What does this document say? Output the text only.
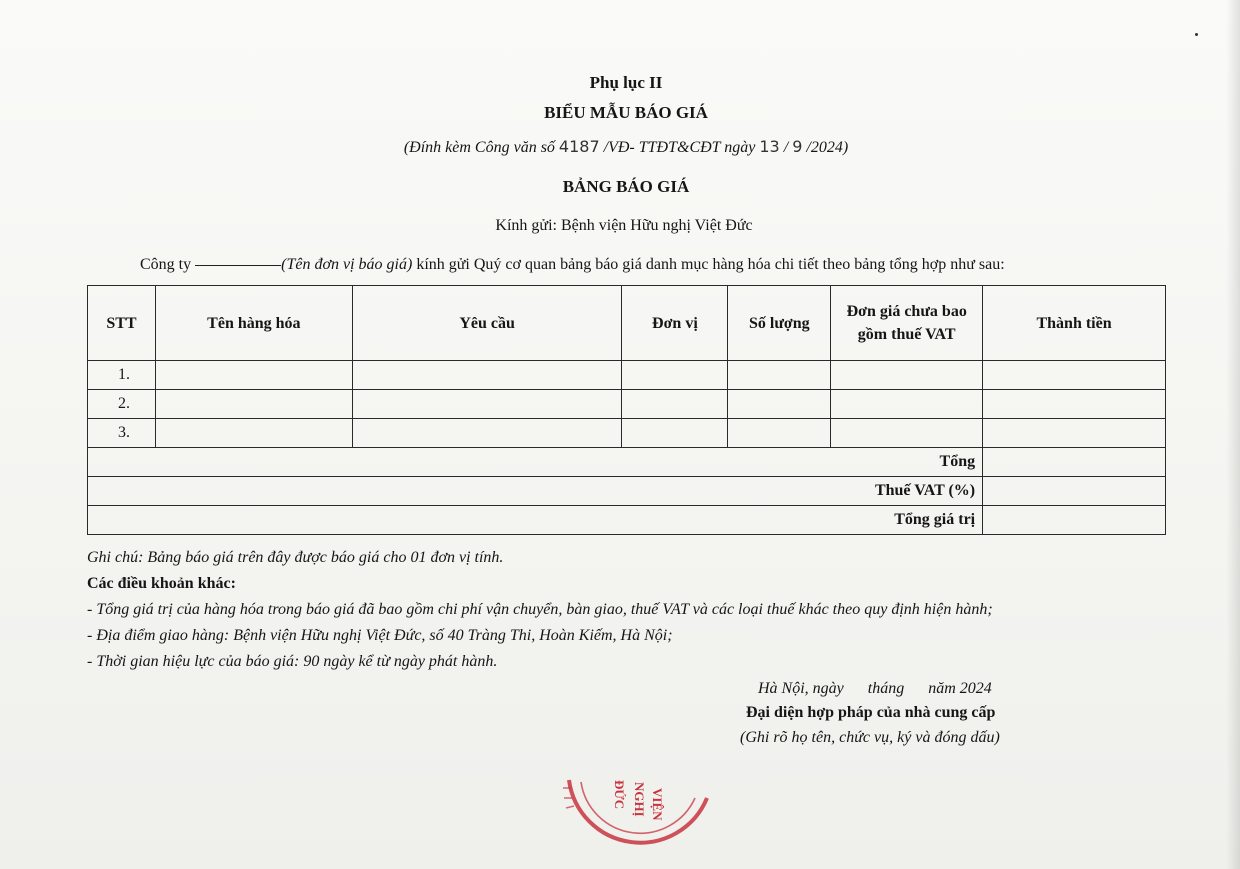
Phụ lục II
BIỂU MẪU BÁO GIÁ
(Đính kèm Công văn số 4187 /VĐ- TTĐT&CĐT ngày 13 / 9 /2024)
BẢNG BÁO GIÁ
Kính gửi: Bệnh viện Hữu nghị Việt Đức
Công ty	(Tên đơn vị báo giá) kính gửi Quý cơ quan bảng báo giá danh mục hàng hóa chi tiết theo bảng tổng hợp như sau:
STT	Tên hàng hóa	Yêu cầu	Đơn vị	Số lượng	Đơn giá chưa bao gồm thuế VAT	Thành tiền
1.						
2.						
3.						
Tổng						
Thuế VAT (%)						
Tổng giá trị						
Ghi chú: Bảng báo giá trên đây được báo giá cho 01 đơn vị tính.
Các điều khoản khác:
- Tổng giá trị của hàng hóa trong báo giá đã bao gồm chi phí vận chuyển, bàn giao, thuế VAT và các loại thuế khác theo quy định hiện hành;
- Địa điểm giao hàng: Bệnh viện Hữu nghị Việt Đức, số 40 Tràng Thi, Hoàn Kiếm, Hà Nội;
- Thời gian hiệu lực của báo giá: 90 ngày kể từ ngày phát hành.
Hà Nội, ngày      tháng      năm 2024
Đại diện hợp pháp của nhà cung cấp
(Ghi rõ họ tên, chức vụ, ký và đóng dấu)
VIỆN
NGHỊ
ĐỨC
